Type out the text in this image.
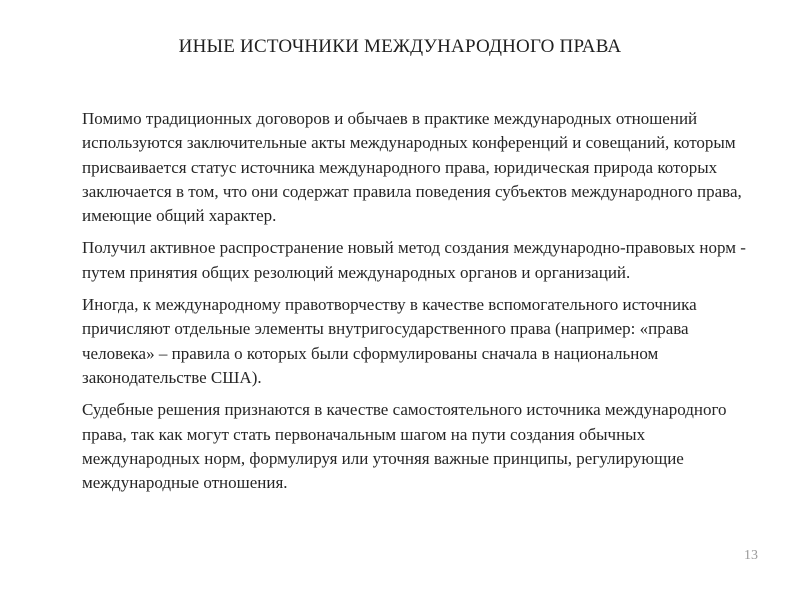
ИНЫЕ ИСТОЧНИКИ МЕЖДУНАРОДНОГО ПРАВА

Помимо традиционных договоров и обычаев в практике международных отношений используются заключительные акты международных конференций и совещаний, которым присваивается статус источника международного права, юридическая природа которых заключается в том, что они содержат правила поведения субъектов международного права, имеющие общий характер.

Получил активное распространение новый метод создания международно-правовых норм - путем принятия общих резолюций международных органов и организаций.

Иногда, к международному правотворчеству в качестве вспомогательного источника причисляют отдельные элементы внутригосударственного права (например: «права человека» – правила о которых были сформулированы сначала в национальном законодательстве США).

Судебные решения признаются в качестве самостоятельного источника международного права, так как могут стать первоначальным шагом на пути создания обычных международных норм, формулируя или уточняя важные принципы, регулирующие международные отношения.

13
